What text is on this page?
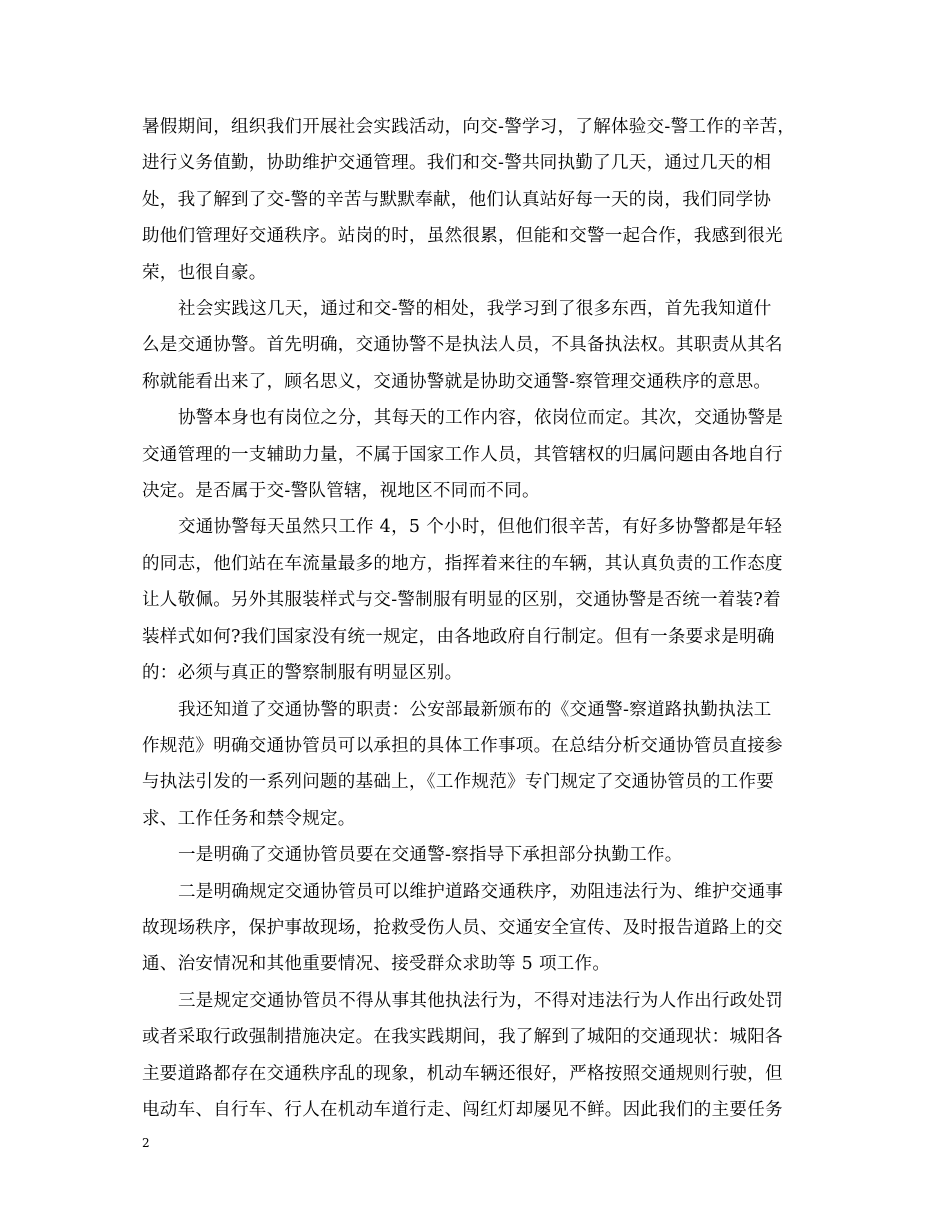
暑假期间，组织我们开展社会实践活动，向交-警学习，了解体验交-警工作的辛苦，
进行义务值勤，协助维护交通管理。我们和交-警共同执勤了几天，通过几天的相
处，我了解到了交-警的辛苦与默默奉献，他们认真站好每一天的岗，我们同学协
助他们管理好交通秩序。站岗的时，虽然很累，但能和交警一起合作，我感到很光
荣，也很自豪。

社会实践这几天，通过和交-警的相处，我学习到了很多东西，首先我知道什
么是交通协警。首先明确，交通协警不是执法人员，不具备执法权。其职责从其名
称就能看出来了，顾名思义，交通协警就是协助交通警-察管理交通秩序的意思。

协警本身也有岗位之分，其每天的工作内容，依岗位而定。其次，交通协警是
交通管理的一支辅助力量，不属于国家工作人员，其管辖权的归属问题由各地自行
决定。是否属于交-警队管辖，视地区不同而不同。

交通协警每天虽然只工作 4，5 个小时，但他们很辛苦，有好多协警都是年轻
的同志，他们站在车流量最多的地方，指挥着来往的车辆，其认真负责的工作态度
让人敬佩。另外其服装样式与交-警制服有明显的区别，交通协警是否统一着装?着
装样式如何?我们国家没有统一规定，由各地政府自行制定。但有一条要求是明确
的：必须与真正的警察制服有明显区别。

我还知道了交通协警的职责：公安部最新颁布的《交通警-察道路执勤执法工
作规范》明确交通协管员可以承担的具体工作事项。在总结分析交通协管员直接参
与执法引发的一系列问题的基础上，《工作规范》专门规定了交通协管员的工作要
求、工作任务和禁令规定。

一是明确了交通协管员要在交通警-察指导下承担部分执勤工作。

二是明确规定交通协管员可以维护道路交通秩序，劝阻违法行为、维护交通事
故现场秩序，保护事故现场，抢救受伤人员、交通安全宣传、及时报告道路上的交
通、治安情况和其他重要情况、接受群众求助等 5 项工作。

三是规定交通协管员不得从事其他执法行为，不得对违法行为人作出行政处罚
或者采取行政强制措施决定。在我实践期间，我了解到了城阳的交通现状：城阳各
主要道路都存在交通秩序乱的现象，机动车辆还很好，严格按照交通规则行驶，但
电动车、自行车、行人在机动车道行走、闯红灯却屡见不鲜。因此我们的主要任务

2
